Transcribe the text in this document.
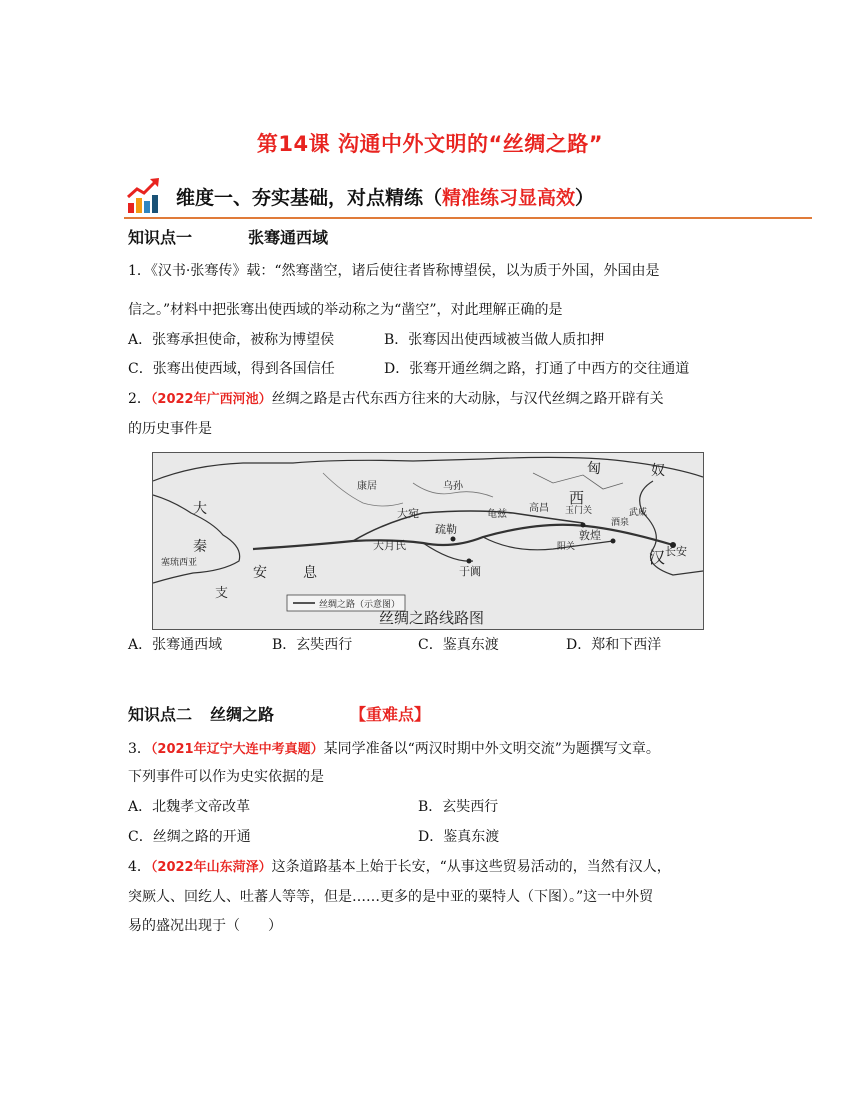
第14课 沟通中外文明的“丝绸之路”
维度一、夯实基础，对点精练（精准练习显高效）
知识点一	张骞通西域
1．《汉书·张骞传》载：“然骞凿空，诸后使往者皆称博望侯，以为质于外国，外国由是
信之。”材料中把张骞出使西域的举动称之为“凿空”，对此理解正确的是
A．张骞承担使命，被称为博望侯	B．张骞因出使西域被当做人质扣押
C．张骞出使西域，得到各国信任	D．张骞开通丝绸之路，打通了中西方的交往通道
2．（2022年广西河池）丝绸之路是古代东西方往来的大动脉，与汉代丝绸之路开辟有关
的历史事件是
丝绸之路（示意图）
丝绸之路线路图
匈	奴
西
汉 长安
大
秦
安	息
支
大宛
大月氏
疏勒
于阗
敦煌
玉门关
酒泉
武威
康居	乌孙
塞琉西亚
龟兹
高昌
阳关
A．张骞通西域	B．玄奘西行	C．鉴真东渡	D．郑和下西洋
知识点二 丝绸之路	【重难点】
3．（2021年辽宁大连中考真题）某同学准备以“两汉时期中外文明交流”为题撰写文章。
下列事件可以作为史实依据的是
A．北魏孝文帝改革	B．玄奘西行
C．丝绸之路的开通	D．鉴真东渡
4．（2022年山东菏泽）这条道路基本上始于长安，“从事这些贸易活动的，当然有汉人，
突厥人、回纥人、吐蕃人等等，但是……更多的是中亚的粟特人（下图）。”这一中外贸
易的盛况出现于（　　）
